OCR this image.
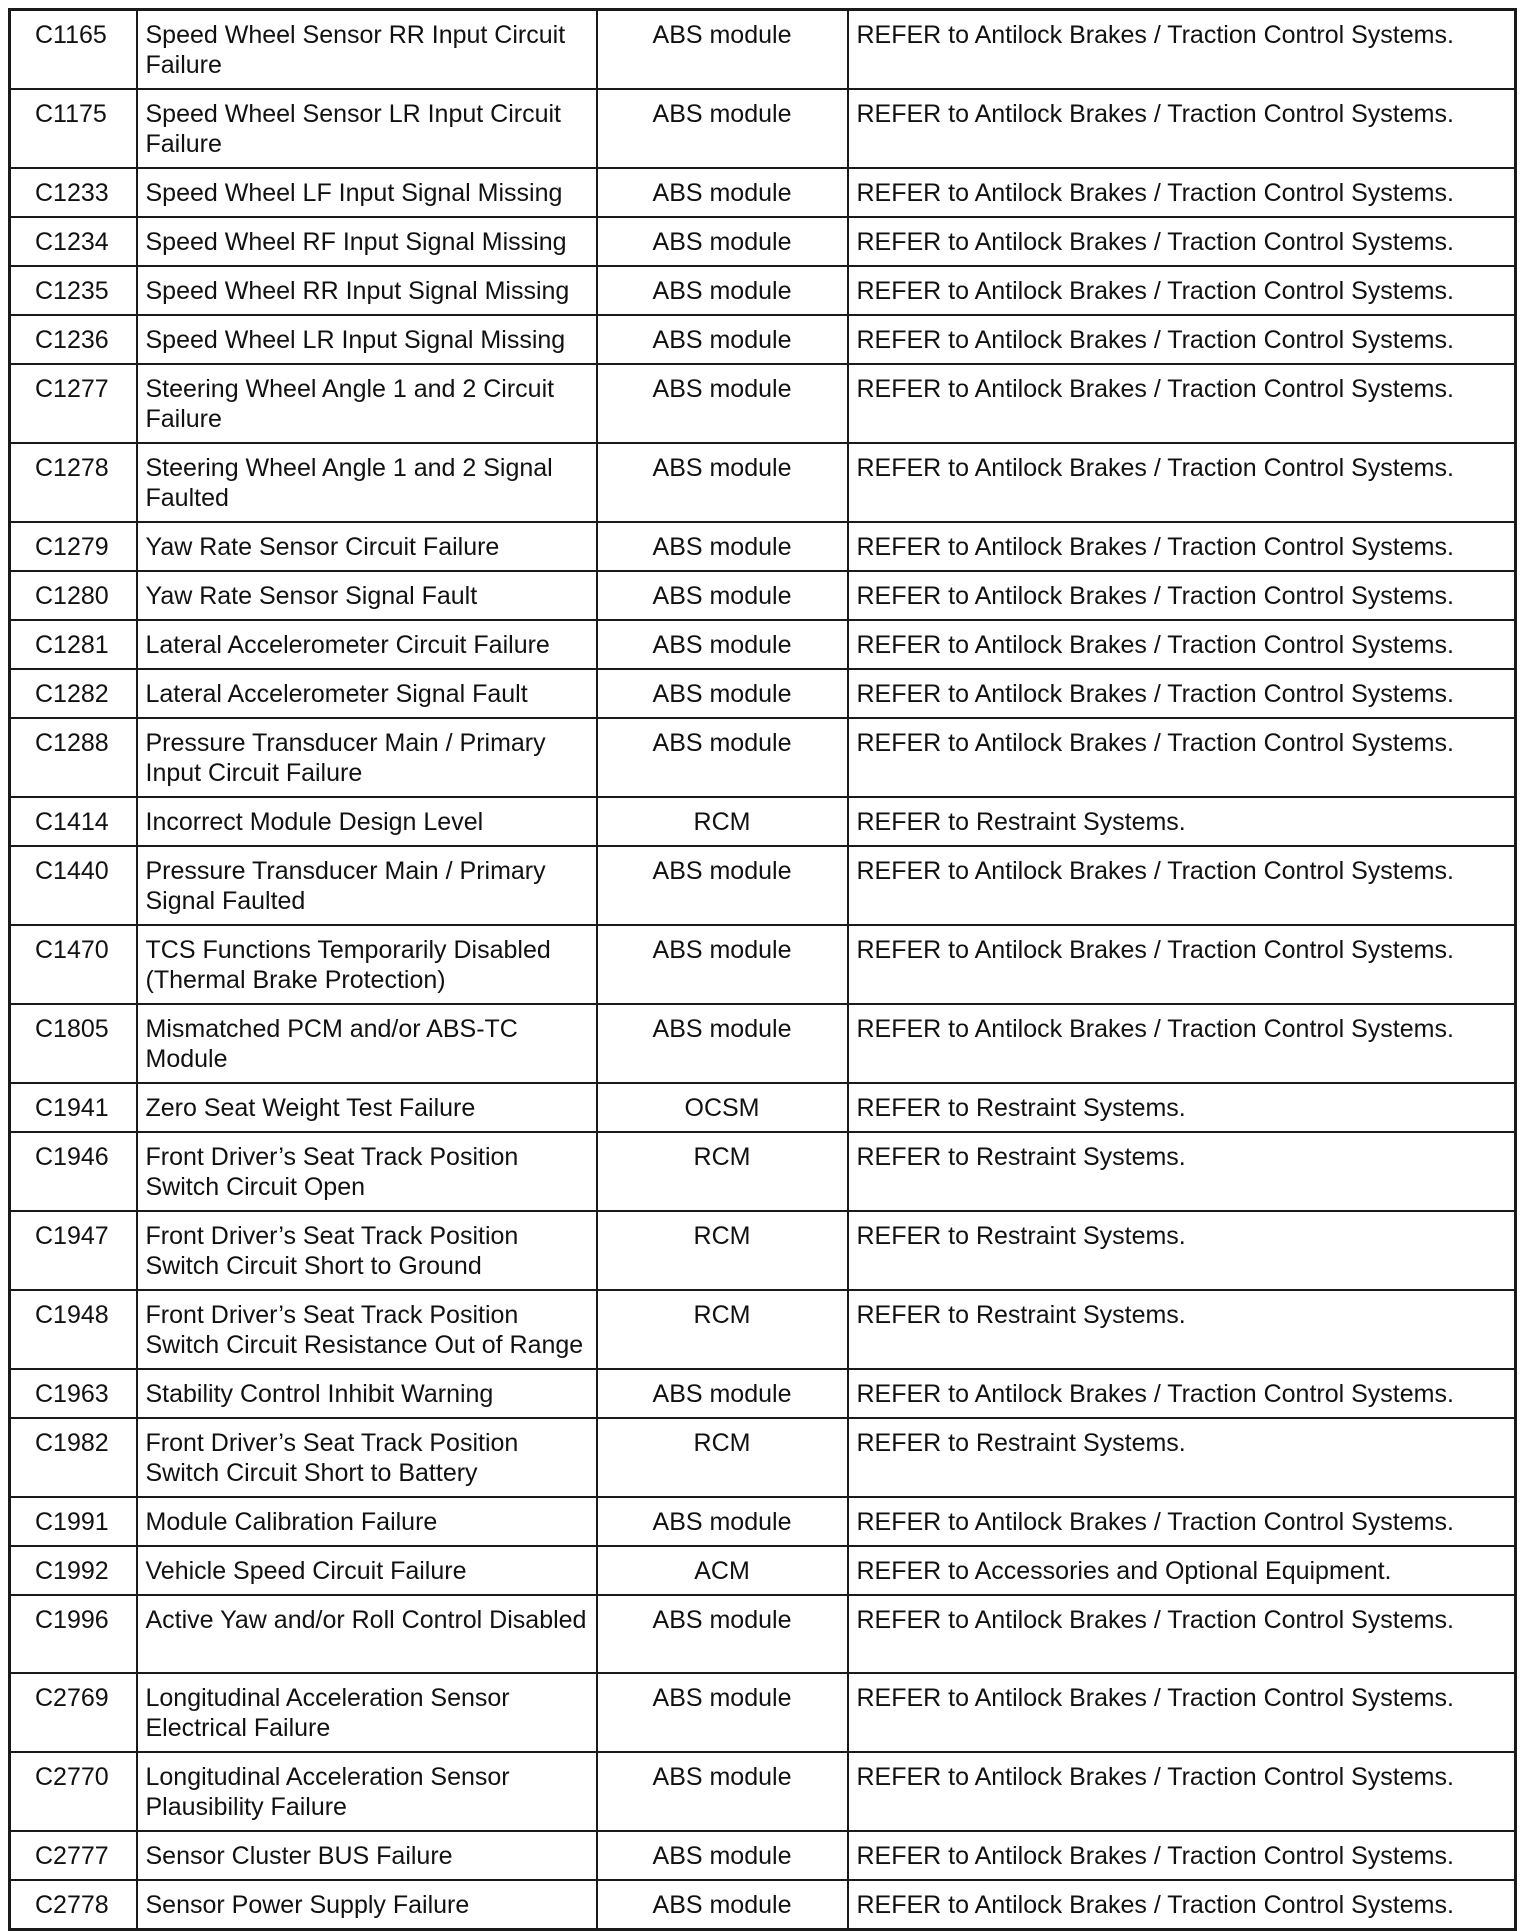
C1165	Speed Wheel Sensor RR Input Circuit Failure	ABS module	REFER to Antilock Brakes / Traction Control Systems.
C1175	Speed Wheel Sensor LR Input Circuit Failure	ABS module	REFER to Antilock Brakes / Traction Control Systems.
C1233	Speed Wheel LF Input Signal Missing	ABS module	REFER to Antilock Brakes / Traction Control Systems.
C1234	Speed Wheel RF Input Signal Missing	ABS module	REFER to Antilock Brakes / Traction Control Systems.
C1235	Speed Wheel RR Input Signal Missing	ABS module	REFER to Antilock Brakes / Traction Control Systems.
C1236	Speed Wheel LR Input Signal Missing	ABS module	REFER to Antilock Brakes / Traction Control Systems.
C1277	Steering Wheel Angle 1 and 2 Circuit Failure	ABS module	REFER to Antilock Brakes / Traction Control Systems.
C1278	Steering Wheel Angle 1 and 2 Signal Faulted	ABS module	REFER to Antilock Brakes / Traction Control Systems.
C1279	Yaw Rate Sensor Circuit Failure	ABS module	REFER to Antilock Brakes / Traction Control Systems.
C1280	Yaw Rate Sensor Signal Fault	ABS module	REFER to Antilock Brakes / Traction Control Systems.
C1281	Lateral Accelerometer Circuit Failure	ABS module	REFER to Antilock Brakes / Traction Control Systems.
C1282	Lateral Accelerometer Signal Fault	ABS module	REFER to Antilock Brakes / Traction Control Systems.
C1288	Pressure Transducer Main / Primary Input Circuit Failure	ABS module	REFER to Antilock Brakes / Traction Control Systems.
C1414	Incorrect Module Design Level	RCM	REFER to Restraint Systems.
C1440	Pressure Transducer Main / Primary Signal Faulted	ABS module	REFER to Antilock Brakes / Traction Control Systems.
C1470	TCS Functions Temporarily Disabled (Thermal Brake Protection)	ABS module	REFER to Antilock Brakes / Traction Control Systems.
C1805	Mismatched PCM and/or ABS-TC Module	ABS module	REFER to Antilock Brakes / Traction Control Systems.
C1941	Zero Seat Weight Test Failure	OCSM	REFER to Restraint Systems.
C1946	Front Driver’s Seat Track Position Switch Circuit Open	RCM	REFER to Restraint Systems.
C1947	Front Driver’s Seat Track Position Switch Circuit Short to Ground	RCM	REFER to Restraint Systems.
C1948	Front Driver’s Seat Track Position Switch Circuit Resistance Out of Range	RCM	REFER to Restraint Systems.
C1963	Stability Control Inhibit Warning	ABS module	REFER to Antilock Brakes / Traction Control Systems.
C1982	Front Driver’s Seat Track Position Switch Circuit Short to Battery	RCM	REFER to Restraint Systems.
C1991	Module Calibration Failure	ABS module	REFER to Antilock Brakes / Traction Control Systems.
C1992	Vehicle Speed Circuit Failure	ACM	REFER to Accessories and Optional Equipment.
C1996	Active Yaw and/or Roll Control Disabled	ABS module	REFER to Antilock Brakes / Traction Control Systems.
C2769	Longitudinal Acceleration Sensor Electrical Failure	ABS module	REFER to Antilock Brakes / Traction Control Systems.
C2770	Longitudinal Acceleration Sensor Plausibility Failure	ABS module	REFER to Antilock Brakes / Traction Control Systems.
C2777	Sensor Cluster BUS Failure	ABS module	REFER to Antilock Brakes / Traction Control Systems.
C2778	Sensor Power Supply Failure	ABS module	REFER to Antilock Brakes / Traction Control Systems.
